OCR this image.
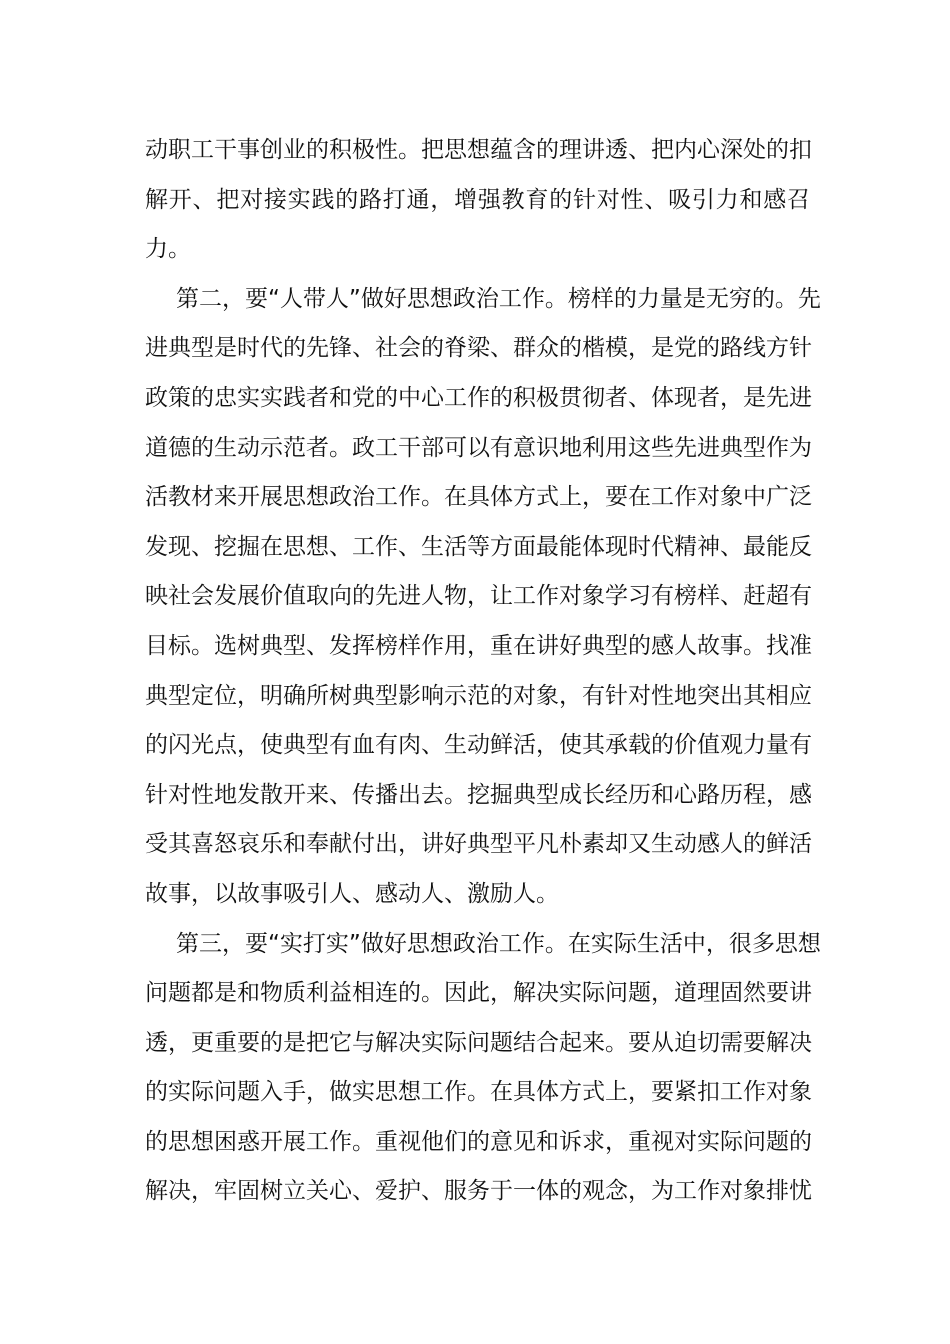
动职工干事创业的积极性。把思想蕴含的理讲透、把内心深处的扣
解开、把对接实践的路打通，增强教育的针对性、吸引力和感召
力。
第二，要“人带人”做好思想政治工作。榜样的力量是无穷的。先
进典型是时代的先锋、社会的脊梁、群众的楷模，是党的路线方针
政策的忠实实践者和党的中心工作的积极贯彻者、体现者，是先进
道德的生动示范者。政工干部可以有意识地利用这些先进典型作为
活教材来开展思想政治工作。在具体方式上，要在工作对象中广泛
发现、挖掘在思想、工作、生活等方面最能体现时代精神、最能反
映社会发展价值取向的先进人物，让工作对象学习有榜样、赶超有
目标。选树典型、发挥榜样作用，重在讲好典型的感人故事。找准
典型定位，明确所树典型影响示范的对象，有针对性地突出其相应
的闪光点，使典型有血有肉、生动鲜活，使其承载的价值观力量有
针对性地发散开来、传播出去。挖掘典型成长经历和心路历程，感
受其喜怒哀乐和奉献付出，讲好典型平凡朴素却又生动感人的鲜活
故事，以故事吸引人、感动人、激励人。
第三，要“实打实”做好思想政治工作。在实际生活中，很多思想
问题都是和物质利益相连的。因此，解决实际问题，道理固然要讲
透，更重要的是把它与解决实际问题结合起来。要从迫切需要解决
的实际问题入手，做实思想工作。在具体方式上，要紧扣工作对象
的思想困惑开展工作。重视他们的意见和诉求，重视对实际问题的
解决，牢固树立关心、爱护、服务于一体的观念，为工作对象排忧
